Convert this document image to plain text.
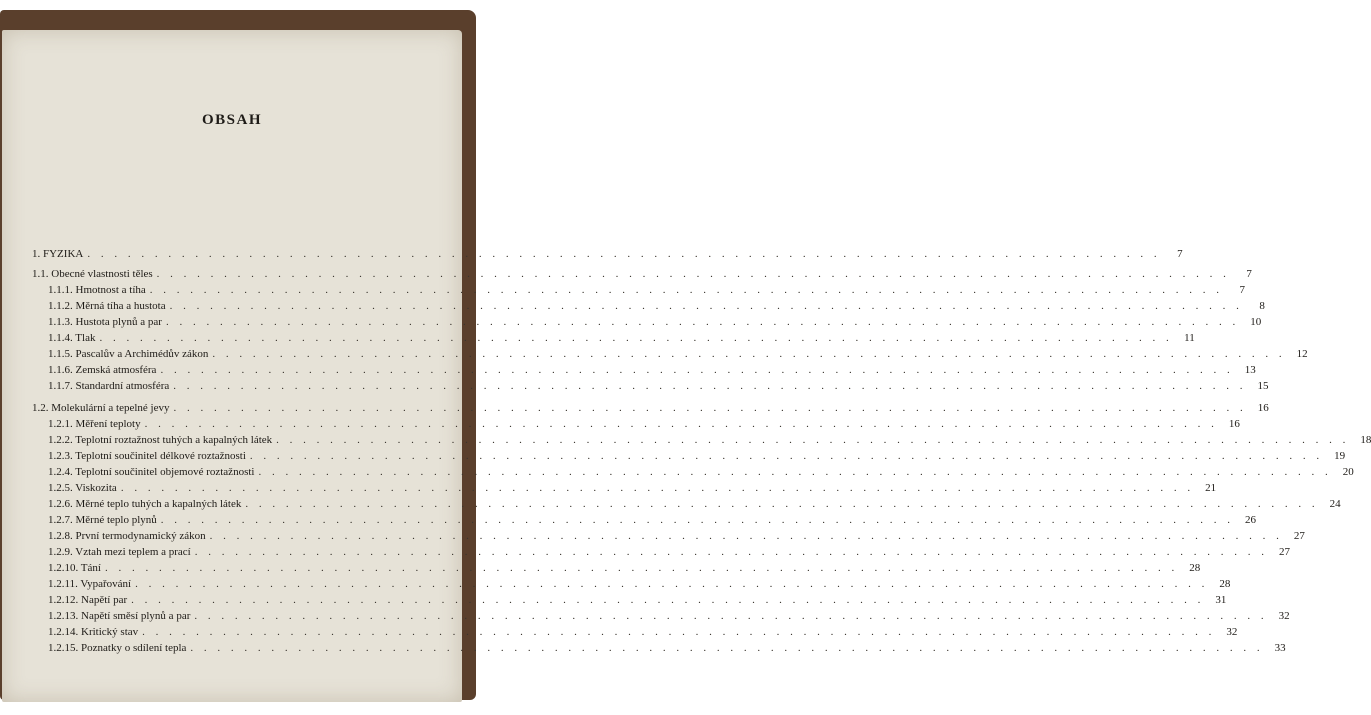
OBSAH
1. FYZIKA . . . . . . . . . . . . . . . . . . . . . . . . . . . . . . . . . . . . . . . . . . . . . . . . . . . . . . . . . . . . . . . . . . . . . . . . . . . . . . . .	7
1.1. Obecné vlastnosti těles . . . . . . . . . . . . . . . . . . . . . . . . . . . . . . . . . . . . . . . . . . . . . . . . . . . . . . . . . . . . . . . . . . . . . . . . . . . . . . . .	7
1.1.1. Hmotnost a tíha . . . . . . . . . . . . . . . . . . . . . . . . . . . . . . . . . . . . . . . . . . . . . . . . . . . . . . . . . . . . . . . . . . . . . . . . . . . . . . . .	7
1.1.2. Měrná tíha a hustota . . . . . . . . . . . . . . . . . . . . . . . . . . . . . . . . . . . . . . . . . . . . . . . . . . . . . . . . . . . . . . . . . . . . . . . . . . . . . . . .	8
1.1.3. Hustota plynů a par . . . . . . . . . . . . . . . . . . . . . . . . . . . . . . . . . . . . . . . . . . . . . . . . . . . . . . . . . . . . . . . . . . . . . . . . . . . . . . . .	10
1.1.4. Tlak . . . . . . . . . . . . . . . . . . . . . . . . . . . . . . . . . . . . . . . . . . . . . . . . . . . . . . . . . . . . . . . . . . . . . . . . . . . . . . . .	11
1.1.5. Pascalův a Archimédův zákon . . . . . . . . . . . . . . . . . . . . . . . . . . . . . . . . . . . . . . . . . . . . . . . . . . . . . . . . . . . . . . . . . . . . . . . . . . . . . . . .	12
1.1.6. Zemská atmosféra . . . . . . . . . . . . . . . . . . . . . . . . . . . . . . . . . . . . . . . . . . . . . . . . . . . . . . . . . . . . . . . . . . . . . . . . . . . . . . . .	13
1.1.7. Standardní atmosféra . . . . . . . . . . . . . . . . . . . . . . . . . . . . . . . . . . . . . . . . . . . . . . . . . . . . . . . . . . . . . . . . . . . . . . . . . . . . . . . .	15
1.2. Molekulární a tepelné jevy . . . . . . . . . . . . . . . . . . . . . . . . . . . . . . . . . . . . . . . . . . . . . . . . . . . . . . . . . . . . . . . . . . . . . . . . . . . . . . . .	16
1.2.1. Měření teploty . . . . . . . . . . . . . . . . . . . . . . . . . . . . . . . . . . . . . . . . . . . . . . . . . . . . . . . . . . . . . . . . . . . . . . . . . . . . . . . .	16
1.2.2. Teplotní roztažnost tuhých a kapalných látek . . . . . . . . . . . . . . . . . . . . . . . . . . . . . . . . . . . . . . . . . . . . . . . . . . . . . . . . . . . . . . . . . . . . . . . . . . . . . . . .	18
1.2.3. Teplotní součinitel délkové roztažnosti . . . . . . . . . . . . . . . . . . . . . . . . . . . . . . . . . . . . . . . . . . . . . . . . . . . . . . . . . . . . . . . . . . . . . . . . . . . . . . . .	19
1.2.4. Teplotní součinitel objemové roztažnosti . . . . . . . . . . . . . . . . . . . . . . . . . . . . . . . . . . . . . . . . . . . . . . . . . . . . . . . . . . . . . . . . . . . . . . . . . . . . . . . .	20
1.2.5. Viskozita . . . . . . . . . . . . . . . . . . . . . . . . . . . . . . . . . . . . . . . . . . . . . . . . . . . . . . . . . . . . . . . . . . . . . . . . . . . . . . . .	21
1.2.6. Měrné teplo tuhých a kapalných látek . . . . . . . . . . . . . . . . . . . . . . . . . . . . . . . . . . . . . . . . . . . . . . . . . . . . . . . . . . . . . . . . . . . . . . . . . . . . . . . .	24
1.2.7. Měrné teplo plynů . . . . . . . . . . . . . . . . . . . . . . . . . . . . . . . . . . . . . . . . . . . . . . . . . . . . . . . . . . . . . . . . . . . . . . . . . . . . . . . .	26
1.2.8. První termodynamický zákon . . . . . . . . . . . . . . . . . . . . . . . . . . . . . . . . . . . . . . . . . . . . . . . . . . . . . . . . . . . . . . . . . . . . . . . . . . . . . . . .	27
1.2.9. Vztah mezi teplem a prací . . . . . . . . . . . . . . . . . . . . . . . . . . . . . . . . . . . . . . . . . . . . . . . . . . . . . . . . . . . . . . . . . . . . . . . . . . . . . . . .	27
1.2.10. Tání . . . . . . . . . . . . . . . . . . . . . . . . . . . . . . . . . . . . . . . . . . . . . . . . . . . . . . . . . . . . . . . . . . . . . . . . . . . . . . . .	28
1.2.11. Vypařování . . . . . . . . . . . . . . . . . . . . . . . . . . . . . . . . . . . . . . . . . . . . . . . . . . . . . . . . . . . . . . . . . . . . . . . . . . . . . . . .	28
1.2.12. Napětí par . . . . . . . . . . . . . . . . . . . . . . . . . . . . . . . . . . . . . . . . . . . . . . . . . . . . . . . . . . . . . . . . . . . . . . . . . . . . . . . .	31
1.2.13. Napětí směsí plynů a par . . . . . . . . . . . . . . . . . . . . . . . . . . . . . . . . . . . . . . . . . . . . . . . . . . . . . . . . . . . . . . . . . . . . . . . . . . . . . . . .	32
1.2.14. Kritický stav . . . . . . . . . . . . . . . . . . . . . . . . . . . . . . . . . . . . . . . . . . . . . . . . . . . . . . . . . . . . . . . . . . . . . . . . . . . . . . . .	32
1.2.15. Poznatky o sdílení tepla . . . . . . . . . . . . . . . . . . . . . . . . . . . . . . . . . . . . . . . . . . . . . . . . . . . . . . . . . . . . . . . . . . . . . . . . . . . . . . . .	33
